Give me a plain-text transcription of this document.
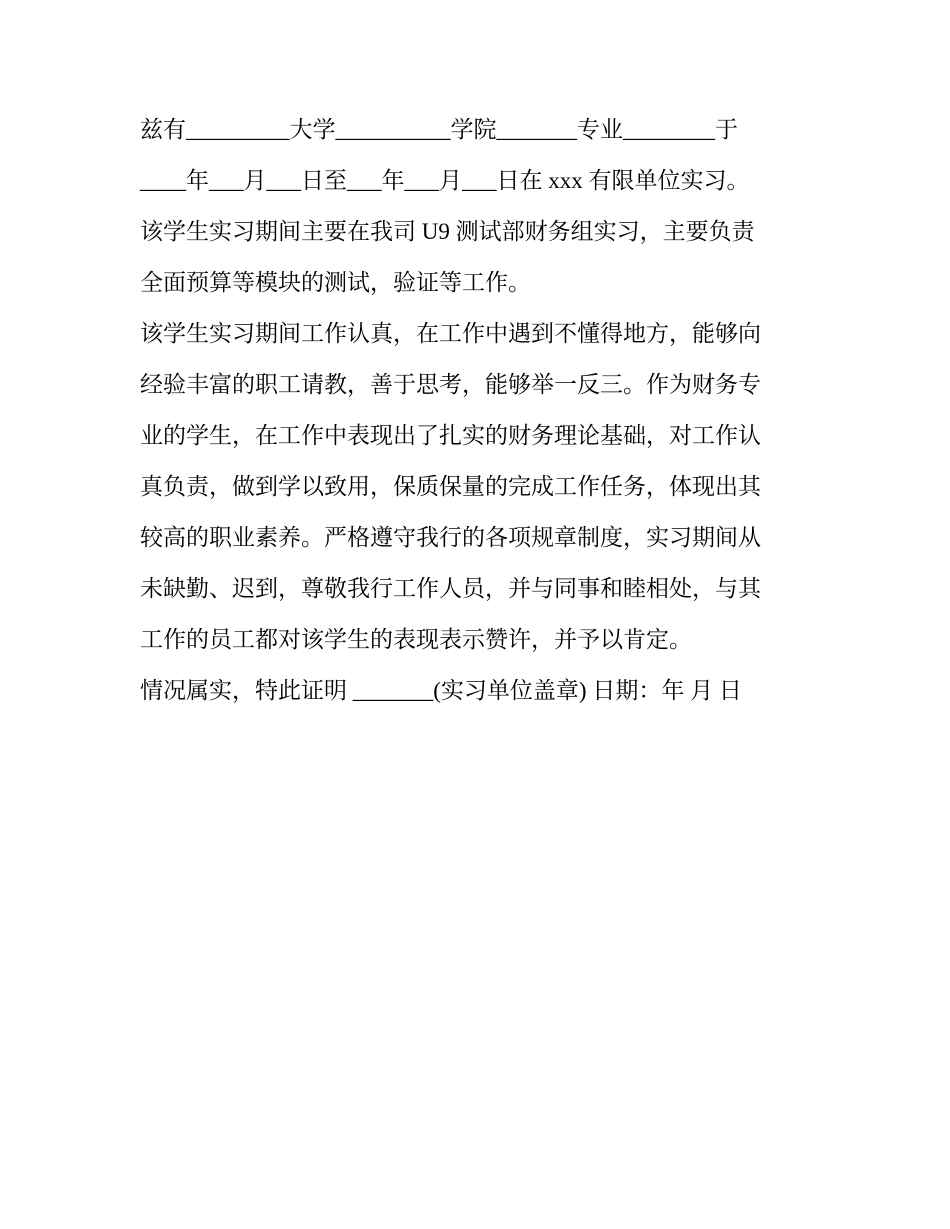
兹有_________大学__________学院_______专业________于
____年___月___日至___年___月___日在 xxx 有限单位实习。
该学生实习期间主要在我司 U9 测试部财务组实习，主要负责
全面预算等模块的测试，验证等工作。
该学生实习期间工作认真，在工作中遇到不懂得地方，能够向
经验丰富的职工请教，善于思考，能够举一反三。作为财务专
业的学生，在工作中表现出了扎实的财务理论基础，对工作认
真负责，做到学以致用，保质保量的完成工作任务，体现出其
较高的职业素养。严格遵守我行的各项规章制度，实习期间从
未缺勤、迟到，尊敬我行工作人员，并与同事和睦相处，与其
工作的员工都对该学生的表现表示赞许，并予以肯定。
情况属实，特此证明 _______(实习单位盖章) 日期：年 月 日
